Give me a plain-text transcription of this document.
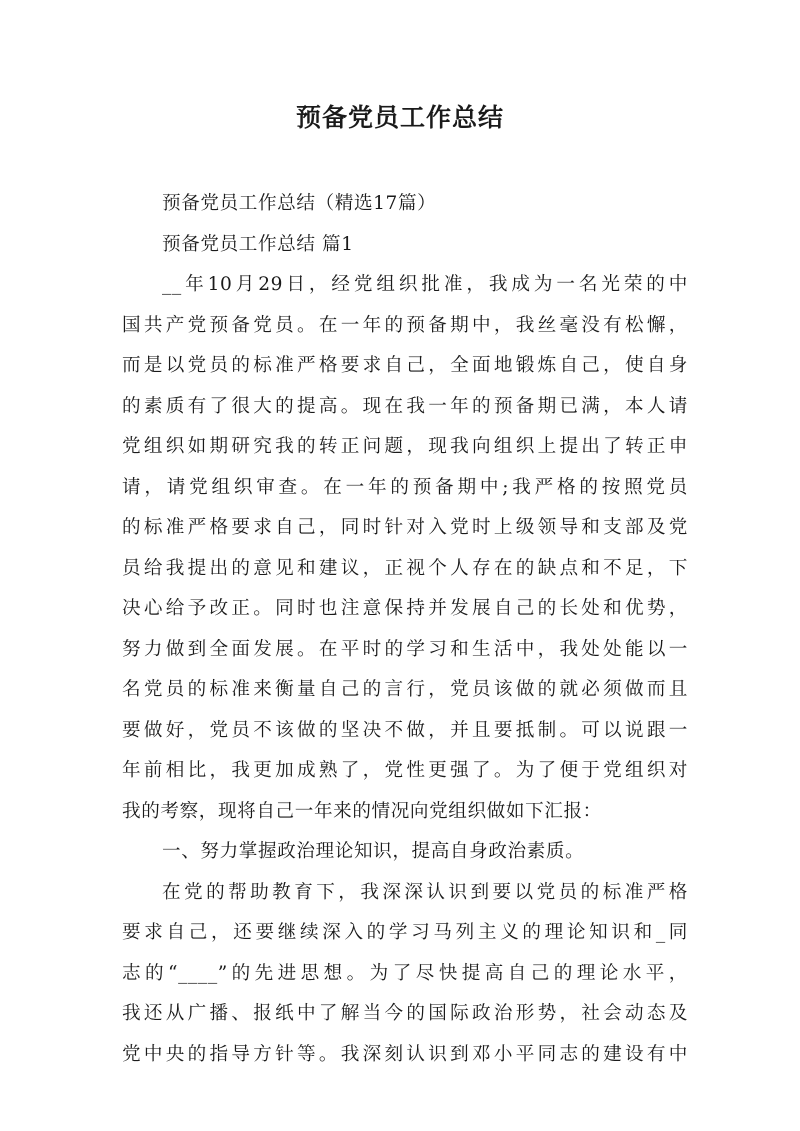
预备党员工作总结
预备党员工作总结（精选17篇）
预备党员工作总结 篇1
__年10月29日，经党组织批准，我成为一名光荣的中
国共产党预备党员。在一年的预备期中，我丝毫没有松懈，
而是以党员的标准严格要求自己，全面地锻炼自己，使自身
的素质有了很大的提高。现在我一年的预备期已满，本人请
党组织如期研究我的转正问题，现我向组织上提出了转正申
请，请党组织审查。在一年的预备期中;我严格的按照党员
的标准严格要求自己，同时针对入党时上级领导和支部及党
员给我提出的意见和建议，正视个人存在的缺点和不足，下
决心给予改正。同时也注意保持并发展自己的长处和优势，
努力做到全面发展。在平时的学习和生活中，我处处能以一
名党员的标准来衡量自己的言行，党员该做的就必须做而且
要做好，党员不该做的坚决不做，并且要抵制。可以说跟一
年前相比，我更加成熟了，党性更强了。为了便于党组织对
我的考察，现将自己一年来的情况向党组织做如下汇报：
一、努力掌握政治理论知识，提高自身政治素质。
在党的帮助教育下，我深深认识到要以党员的标准严格
要求自己，还要继续深入的学习马列主义的理论知识和_同
志的“____”的先进思想。为了尽快提高自己的理论水平，
我还从广播、报纸中了解当今的国际政治形势，社会动态及
党中央的指导方针等。我深刻认识到邓小平同志的建设有中
